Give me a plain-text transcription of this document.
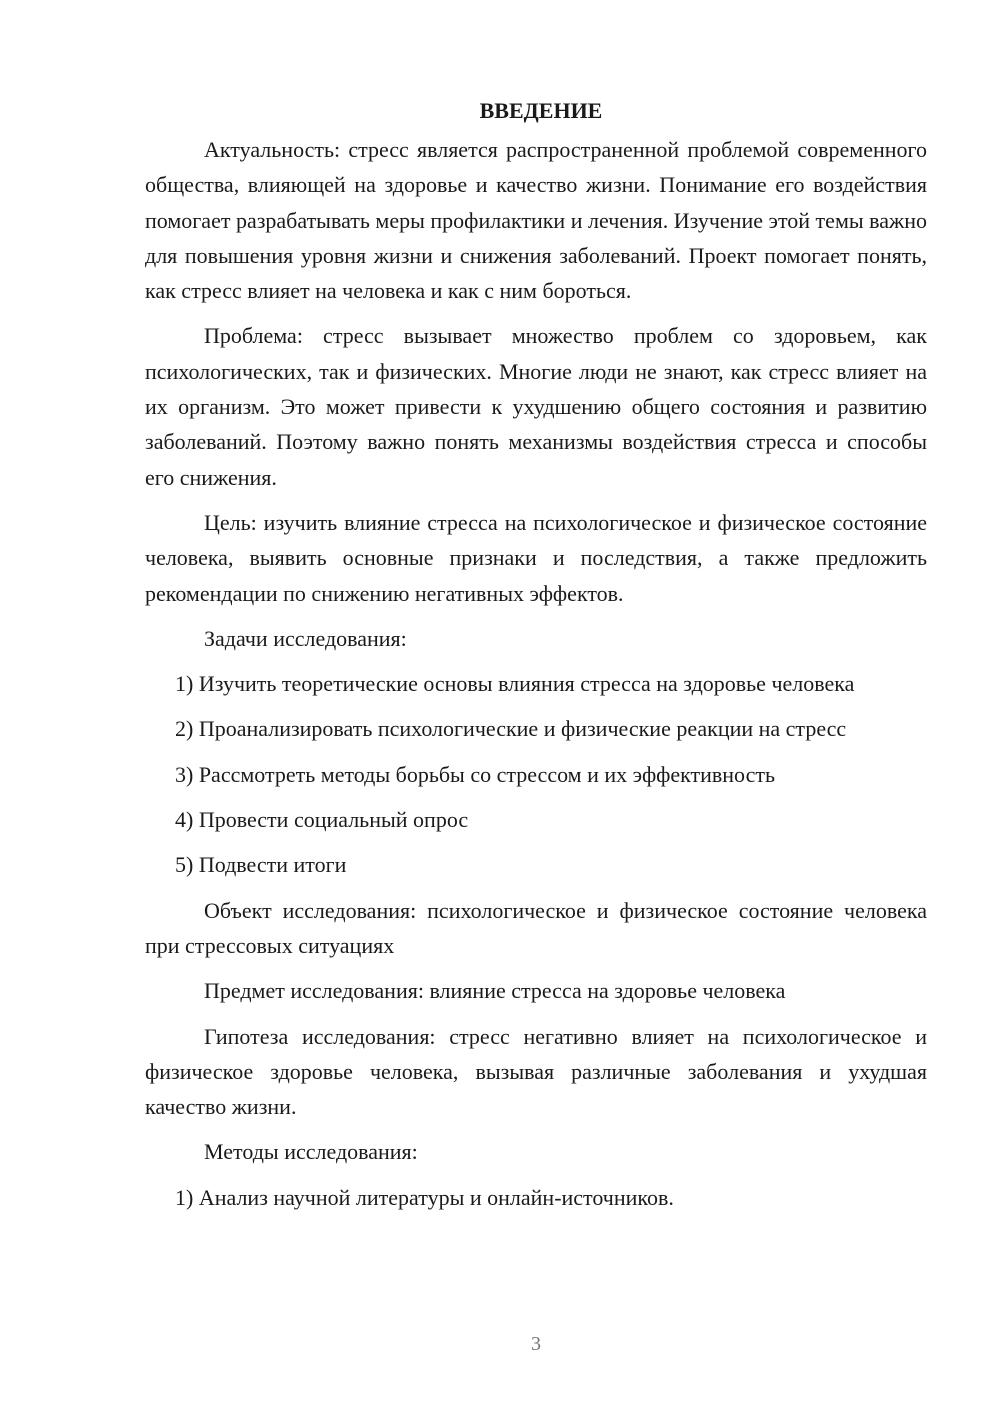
ВВЕДЕНИЕ

Актуальность: стресс является распространенной проблемой современного общества, влияющей на здоровье и качество жизни. Понимание его воздействия помогает разрабатывать меры профилактики и лечения. Изучение этой темы важно для повышения уровня жизни и снижения заболеваний. Проект помогает понять, как стресс влияет на человека и как с ним бороться.

Проблема: стресс вызывает множество проблем со здоровьем, как психологических, так и физических. Многие люди не знают, как стресс влияет на их организм. Это может привести к ухудшению общего состояния и развитию заболеваний. Поэтому важно понять механизмы воздействия стресса и способы его снижения.

Цель: изучить влияние стресса на психологическое и физическое состояние человека, выявить основные признаки и последствия, а также предложить рекомендации по снижению негативных эффектов.

Задачи исследования:

1) Изучить теоретические основы влияния стресса на здоровье человека

2) Проанализировать психологические и физические реакции на стресс

3) Рассмотреть методы борьбы со стрессом и их эффективность

4) Провести социальный опрос

5) Подвести итоги

Объект исследования: психологическое и физическое состояние человека при стрессовых ситуациях

Предмет исследования: влияние стресса на здоровье человека

Гипотеза исследования: стресс негативно влияет на психологическое и физическое здоровье человека, вызывая различные заболевания и ухудшая качество жизни.

Методы исследования:

1) Анализ научной литературы и онлайн-источников.

3
